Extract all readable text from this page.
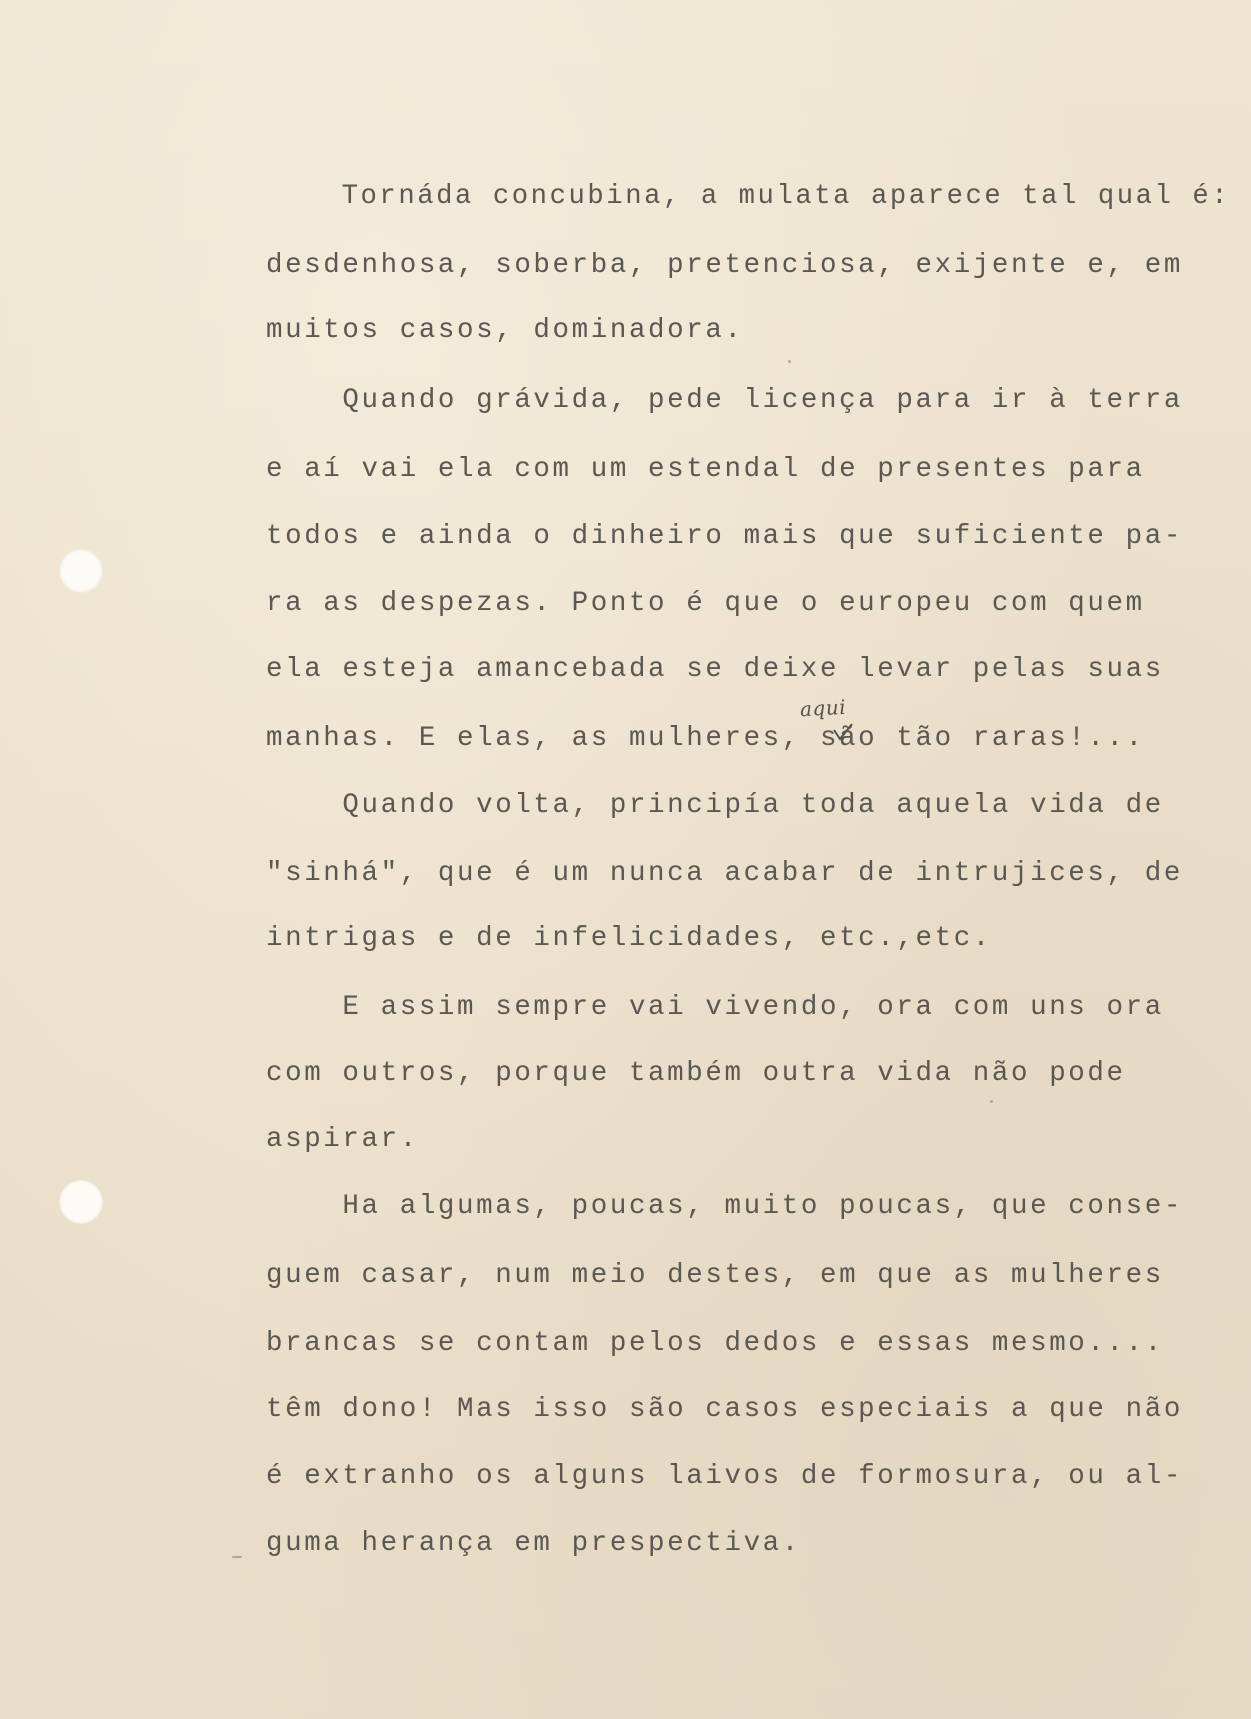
Tornáda concubina, a mulata aparece tal qual é:
desdenhosa, soberba, pretenciosa, exijente e, em
muitos casos, dominadora.
Quando grávida, pede licença para ir à terra
e aí vai ela com um estendal de presentes para
todos e ainda o dinheiro mais que suficiente pa-
ra as despezas. Ponto é que o europeu com quem
ela esteja amancebada se deixe levar pelas suas
manhas. E elas, as mulheres, são tão raras!...
aqui
Quando volta, principía toda aquela vida de
"sinhá", que é um nunca acabar de intrujices, de
intrigas e de infelicidades, etc.,etc.
E assim sempre vai vivendo, ora com uns ora
com outros, porque também outra vida não pode
aspirar.
Ha algumas, poucas, muito poucas, que conse-
guem casar, num meio destes, em que as mulheres
brancas se contam pelos dedos e essas mesmo....
têm dono! Mas isso são casos especiais a que não
é extranho os alguns laivos de formosura, ou al-
guma herança em prespectiva.
